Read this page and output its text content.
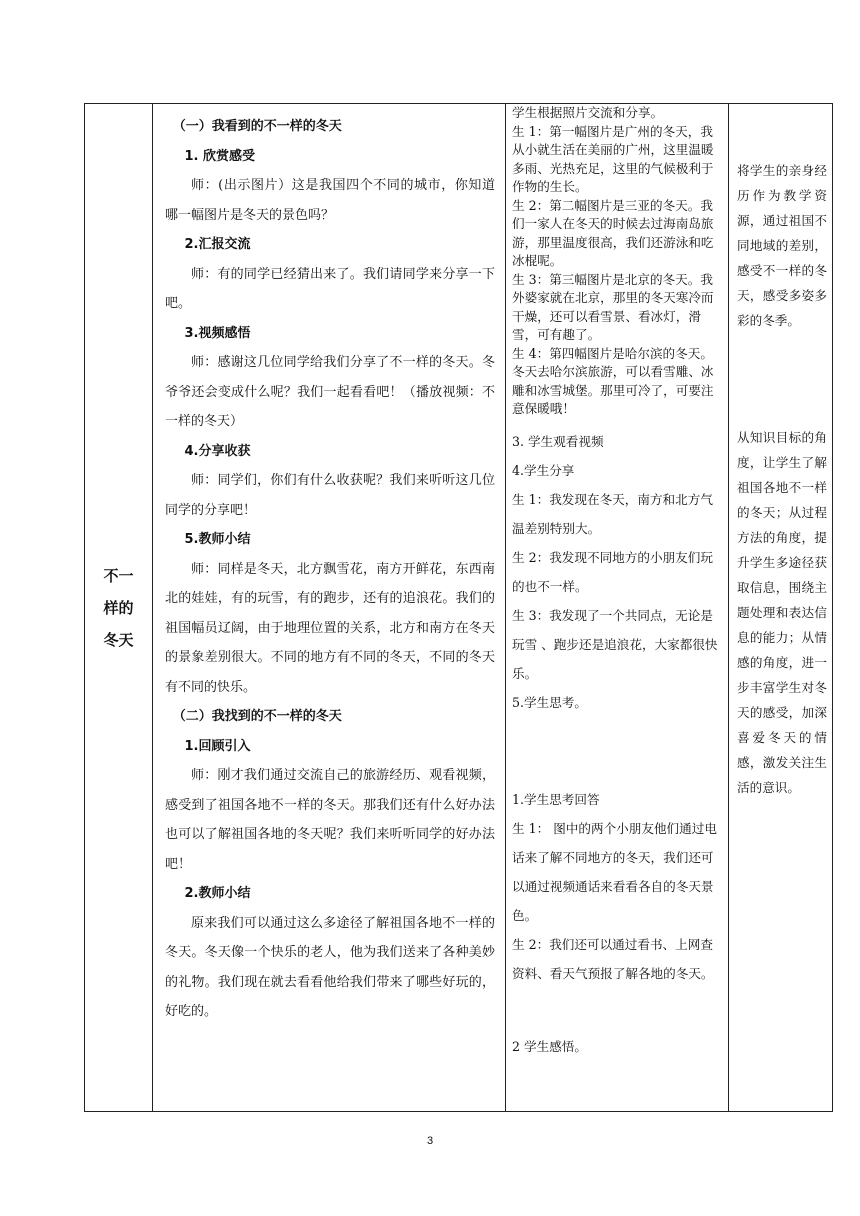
不一
样的
冬天

（一）我看到的不一样的冬天
1. 欣赏感受
师：(出示图片）这是我国四个不同的城市，你知道哪一幅图片是冬天的景色吗？
2.汇报交流
师：有的同学已经猜出来了。我们请同学来分享一下吧。
3.视频感悟
师：感谢这几位同学给我们分享了不一样的冬天。冬爷爷还会变成什么呢？我们一起看看吧！（播放视频：不一样的冬天）
4.分享收获
师：同学们，你们有什么收获呢？我们来听听这几位同学的分享吧！
5.教师小结
师：同样是冬天，北方飘雪花，南方开鲜花，东西南北的娃娃，有的玩雪，有的跑步，还有的追浪花。我们的祖国幅员辽阔，由于地理位置的关系，北方和南方在冬天的景象差别很大。不同的地方有不同的冬天，不同的冬天有不同的快乐。
（二）我找到的不一样的冬天
1.回顾引入
师：刚才我们通过交流自己的旅游经历、观看视频，感受到了祖国各地不一样的冬天。那我们还有什么好办法也可以了解祖国各地的冬天呢？我们来听听同学的好办法吧！
2.教师小结
原来我们可以通过这么多途径了解祖国各地不一样的冬天。冬天像一个快乐的老人，他为我们送来了各种美妙的礼物。我们现在就去看看他给我们带来了哪些好玩的，好吃的。

学生根据照片交流和分享。
生 1：第一幅图片是广州的冬天，我从小就生活在美丽的广州，这里温暖多雨、光热充足，这里的气候极利于作物的生长。
生 2：第二幅图片是三亚的冬天。我们一家人在冬天的时候去过海南岛旅游，那里温度很高，我们还游泳和吃冰棍呢。
生 3：第三幅图片是北京的冬天。我外婆家就在北京，那里的冬天寒冷而干燥，还可以看雪景、看冰灯，滑雪，可有趣了。
生 4：第四幅图片是哈尔滨的冬天。冬天去哈尔滨旅游，可以看雪雕、冰雕和冰雪城堡。那里可冷了，可要注意保暖哦！
3. 学生观看视频
4.学生分享
生 1：我发现在冬天，南方和北方气温差别特别大。
生 2：我发现不同地方的小朋友们玩的也不一样。
生 3：我发现了一个共同点，无论是玩雪 、跑步还是追浪花，大家都很快乐。
5.学生思考。
1.学生思考回答
生 1： 图中的两个小朋友他们通过电话来了解不同地方的冬天，我们还可以通过视频通话来看看各自的冬天景色。
生 2：我们还可以通过看书、上网查资料、看天气预报了解各地的冬天。
2 学生感悟。

将学生的亲身经历作为教学资源，通过祖国不同地域的差别，感受不一样的冬天，感受多姿多彩的冬季。
从知识目标的角度，让学生了解祖国各地不一样的冬天；从过程方法的角度，提升学生多途径获取信息，围绕主题处理和表达信息的能力；从情感的角度，进一步丰富学生对冬天的感受，加深喜爱冬天的情感，激发关注生活的意识。
3
